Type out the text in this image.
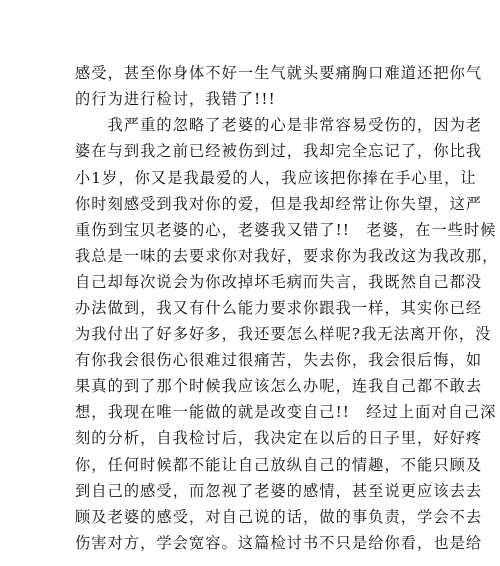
感受，甚至你身体不好一生气就头要痛胸口难道还把你气
的行为进行检讨，我错了!!!
　　我严重的忽略了老婆的心是非常容易受伤的，因为老
婆在与到我之前已经被伤到过，我却完全忘记了，你比我
小1岁，你又是我最爱的人，我应该把你捧在手心里，让
你时刻感受到我对你的爱，但是我却经常让你失望，这严
重伤到宝贝老婆的心，老婆我又错了!!　老婆，在一些时候
我总是一味的去要求你对我好，要求你为我改这为我改那，
自己却每次说会为你改掉坏毛病而失言，我既然自己都没
办法做到，我又有什么能力要求你跟我一样，其实你已经
为我付出了好多好多，我还要怎么样呢?我无法离开你，没
有你我会很伤心很难过很痛苦，失去你，我会很后悔，如
果真的到了那个时候我应该怎么办呢，连我自己都不敢去
想，我现在唯一能做的就是改变自己!!　经过上面对自己深
刻的分析，自我检讨后，我决定在以后的日子里，好好疼
你，任何时候都不能让自己放纵自己的情趣，不能只顾及
到自己的感受，而忽视了老婆的感情，甚至说更应该去去
顾及老婆的感受，对自己说的话，做的事负责，学会不去
伤害对方，学会宽容。这篇检讨书不只是给你看，也是给
